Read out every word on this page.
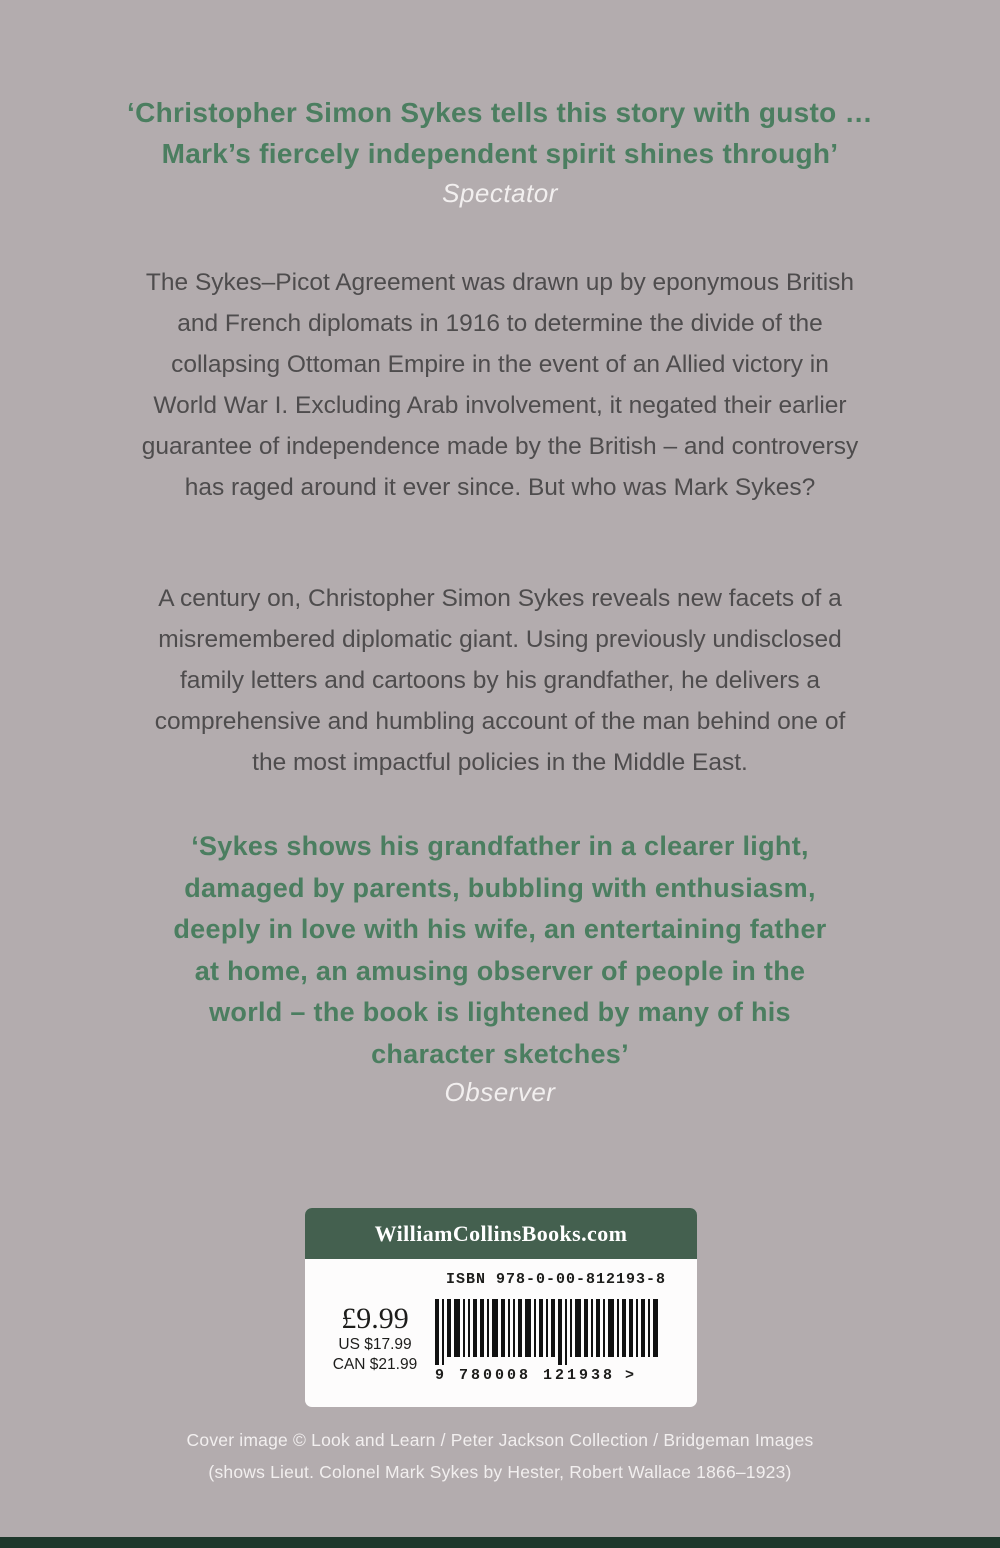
‘Christopher Simon Sykes tells this story with gusto … Mark’s fiercely independent spirit shines through’
Spectator
The Sykes–Picot Agreement was drawn up by eponymous British and French diplomats in 1916 to determine the divide of the collapsing Ottoman Empire in the event of an Allied victory in World War I. Excluding Arab involvement, it negated their earlier guarantee of independence made by the British – and controversy has raged around it ever since. But who was Mark Sykes?
A century on, Christopher Simon Sykes reveals new facets of a misremembered diplomatic giant. Using previously undisclosed family letters and cartoons by his grandfather, he delivers a comprehensive and humbling account of the man behind one of the most impactful policies in the Middle East.
‘Sykes shows his grandfather in a clearer light, damaged by parents, bubbling with enthusiasm, deeply in love with his wife, an entertaining father at home, an amusing observer of people in the world – the book is lightened by many of his character sketches’
Observer
WilliamCollinsBooks.com
ISBN 978-0-00-812193-8
£9.99
US $17.99
CAN $21.99
9 780008 121938 >
Cover image © Look and Learn / Peter Jackson Collection / Bridgeman Images
(shows Lieut. Colonel Mark Sykes by Hester, Robert Wallace 1866–1923)
